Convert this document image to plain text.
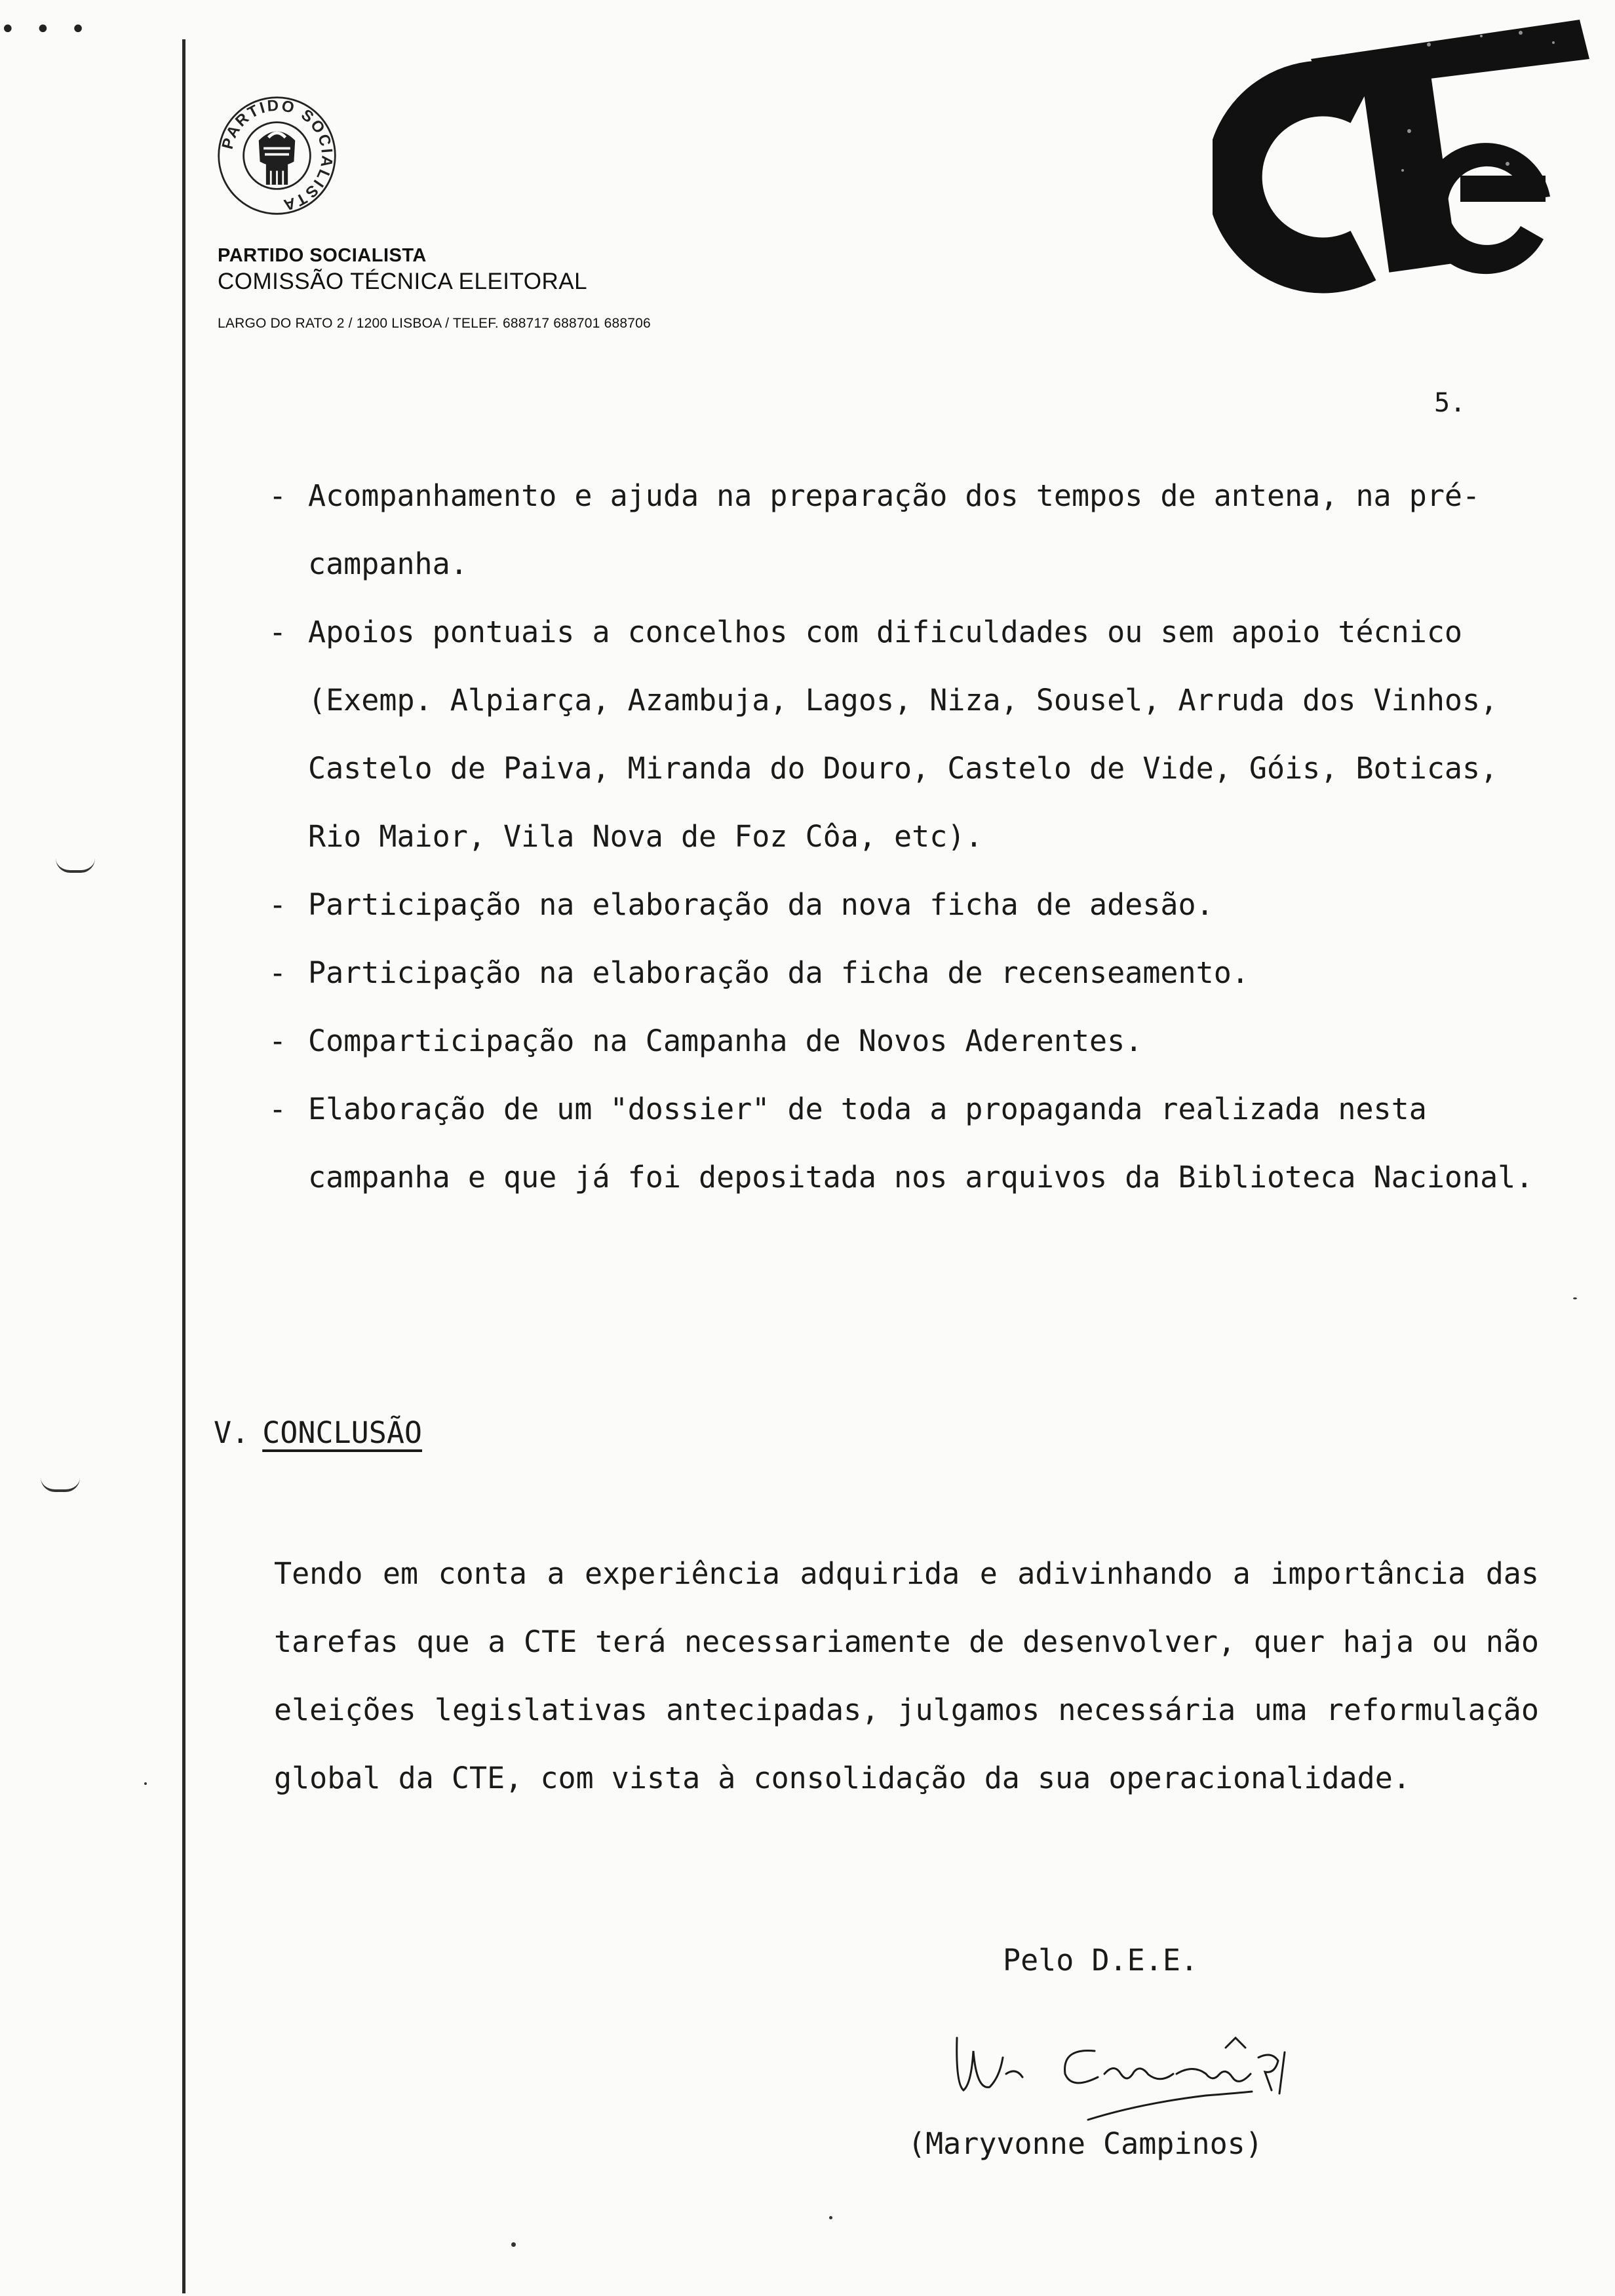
•••
PARTIDO SOCIALISTA
PARTIDO SOCIALISTA
COMISSÃO TÉCNICA ELEITORAL
LARGO DO RATO 2 / 1200 LISBOA / TELEF. 688717 688701 688706
CTE
5.
- Acompanhamento e ajuda na preparação dos tempos de antena, na pré-campanha.
- Apoios pontuais a concelhos com dificuldades ou sem apoio técnico (Exemp. Alpiarça, Azambuja, Lagos, Niza, Sousel, Arruda dos Vinhos, Castelo de Paiva, Miranda do Douro, Castelo de Vide, Góis, Boticas, Rio Maior, Vila Nova de Foz Côa, etc).
- Participação na elaboração da nova ficha de adesão.
- Participação na elaboração da ficha de recenseamento.
- Comparticipação na Campanha de Novos Aderentes.
- Elaboração de um "dossier" de toda a propaganda realizada nesta campanha e que já foi depositada nos arquivos da Biblioteca Nacional.
V. CONCLUSÃO
Tendo em conta a experiência adquirida e adivinhando a importância das tarefas que a CTE terá necessariamente de desenvolver, quer haja ou não eleições legislativas antecipadas, julgamos necessária uma reformulação global da CTE, com vista à consolidação da sua operacionalidade.
Pelo D.E.E.
(Maryvonne Campinos)
